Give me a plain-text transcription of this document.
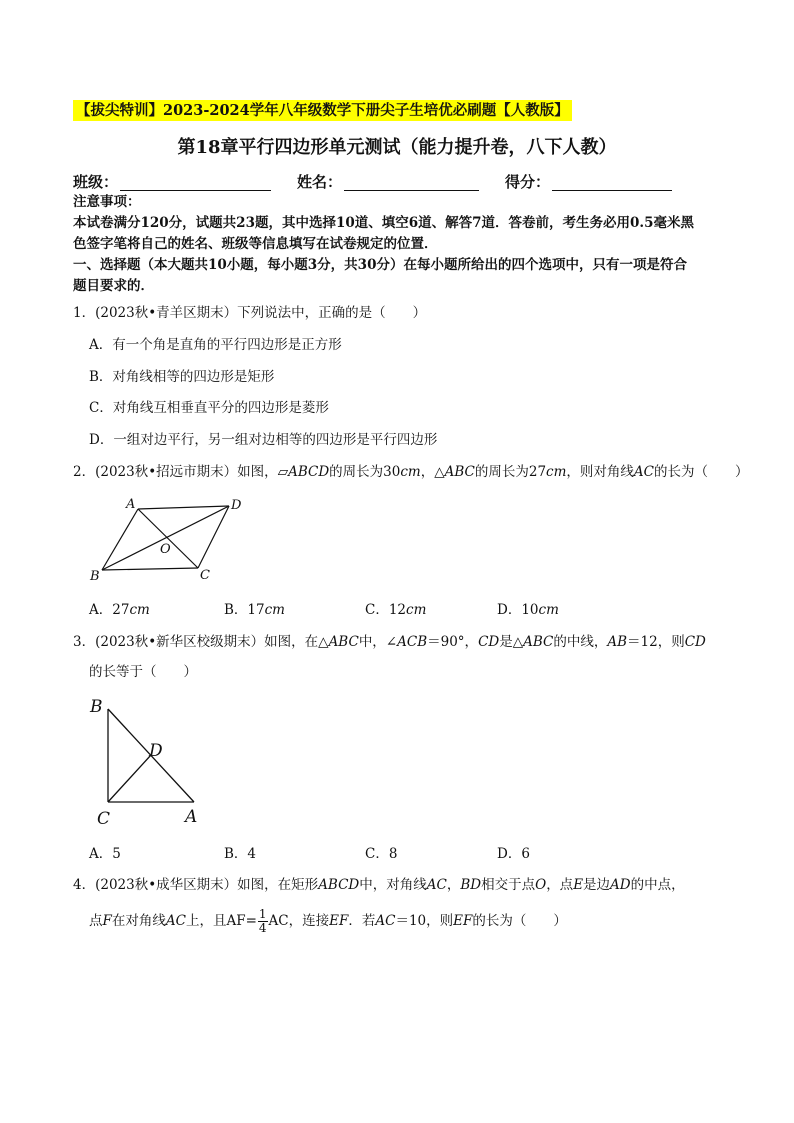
【拔尖特训】2023-2024学年八年级数学下册尖子生培优必刷题【人教版】
第18章平行四边形单元测试（能力提升卷，八下人教）
班级：	姓名：	得分：
注意事项：
本试卷满分120分，试题共23题，其中选择10道、填空6道、解答7道．答卷前，考生务必用0.5毫米黑
色签字笔将自己的姓名、班级等信息填写在试卷规定的位置．
一、选择题（本大题共10小题，每小题3分，共30分）在每小题所给出的四个选项中，只有一项是符合
题目要求的．
1．(2023秋•青羊区期末）下列说法中，正确的是（　　）
A．有一个角是直角的平行四边形是正方形
B．对角线相等的四边形是矩形
C．对角线互相垂直平分的四边形是菱形
D．一组对边平行，另一组对边相等的四边形是平行四边形
2．(2023秋•招远市期末）如图，▱ABCD的周长为30cm，△ABC的周长为27cm，则对角线AC的长为（　　）
A	D
O
B	C
A．27cm	B．17cm	C．12cm	D．10cm
3．(2023秋•新华区校级期末）如图，在△ABC中，∠ACB＝90°，CD是△ABC的中线，AB＝12，则CD
的长等于（　　）
B
D
C	A
A．5	B．4	C．8	D．6
4．(2023秋•成华区期末）如图，在矩形ABCD中，对角线AC，BD相交于点O，点E是边AD的中点，
点F在对角线AC上，且$AF= \frac{1}{4}$ AC，连接EF．若AC＝10，则EF的长为（　　）
